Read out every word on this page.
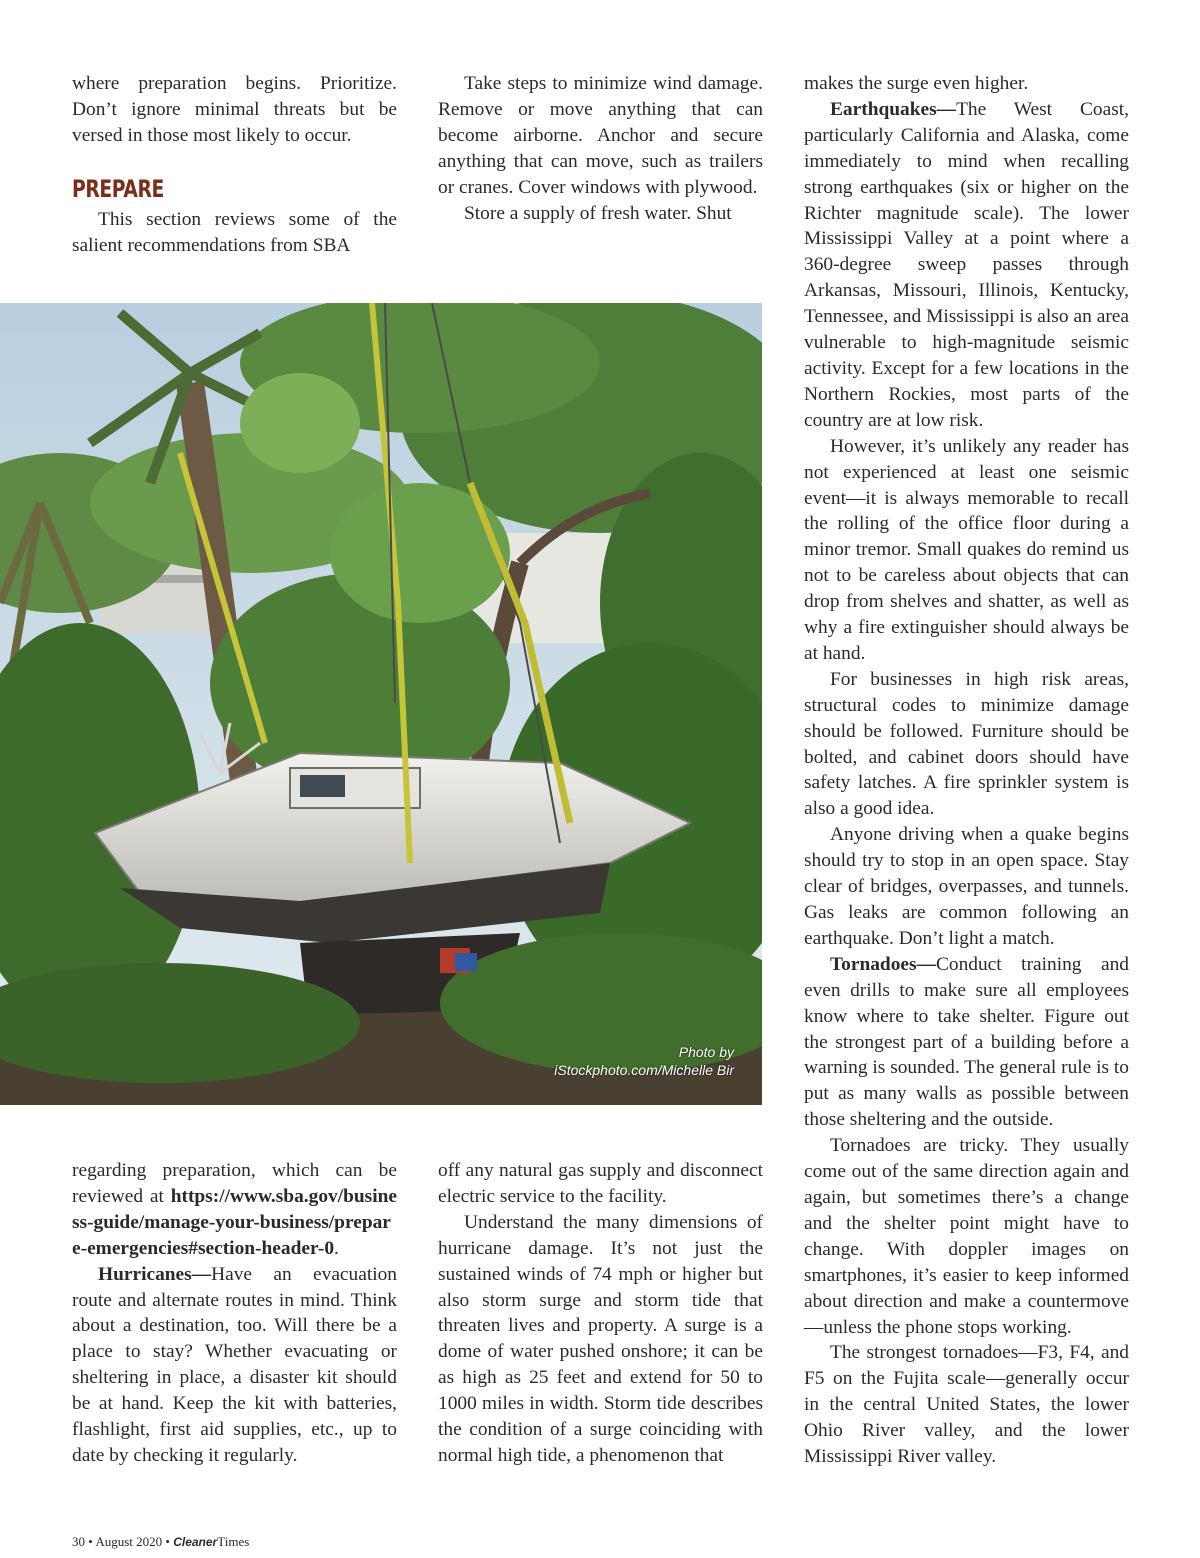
where preparation begins. Prioritize. Don’t ignore minimal threats but be versed in those most likely to occur.

PREPARE

This section reviews some of the salient recommendations from SBA

Take steps to minimize wind damage. Remove or move anything that can become airborne. Anchor and secure anything that can move, such as trailers or cranes. Cover windows with plywood.

Store a supply of fresh water. Shut

Photo by
iStockphoto.com/Michelle Bir

regarding preparation, which can be reviewed at https://www.sba.gov/business-guide/manage-your-business/prepare-emergencies#section-header-0.

Hurricanes—Have an evacuation route and alternate routes in mind. Think about a destination, too. Will there be a place to stay? Whether evacuating or sheltering in place, a disaster kit should be at hand. Keep the kit with batteries, flashlight, first aid supplies, etc., up to date by checking it regularly.

off any natural gas supply and disconnect electric service to the facility.

Understand the many dimensions of hurricane damage. It’s not just the sustained winds of 74 mph or higher but also storm surge and storm tide that threaten lives and property. A surge is a dome of water pushed onshore; it can be as high as 25 feet and extend for 50 to 1000 miles in width. Storm tide describes the condition of a surge coinciding with normal high tide, a phenomenon that

makes the surge even higher.

Earthquakes—The West Coast, particularly California and Alaska, come immediately to mind when recalling strong earthquakes (six or higher on the Richter magnitude scale). The lower Mississippi Valley at a point where a 360-degree sweep passes through Arkansas, Missouri, Illinois, Kentucky, Tennessee, and Mississippi is also an area vulnerable to high-magnitude seismic activity. Except for a few locations in the Northern Rockies, most parts of the country are at low risk.

However, it’s unlikely any reader has not experienced at least one seismic event—it is always memorable to recall the rolling of the office floor during a minor tremor. Small quakes do remind us not to be careless about objects that can drop from shelves and shatter, as well as why a fire extinguisher should always be at hand.

For businesses in high risk areas, structural codes to minimize damage should be followed. Furniture should be bolted, and cabinet doors should have safety latches. A fire sprinkler system is also a good idea.

Anyone driving when a quake begins should try to stop in an open space. Stay clear of bridges, overpasses, and tunnels. Gas leaks are common following an earthquake. Don’t light a match.

Tornadoes—Conduct training and even drills to make sure all employees know where to take shelter. Figure out the strongest part of a building before a warning is sounded. The general rule is to put as many walls as possible between those sheltering and the outside.

Tornadoes are tricky. They usually come out of the same direction again and again, but sometimes there’s a change and the shelter point might have to change. With doppler images on smartphones, it’s easier to keep informed about direction and make a countermove—unless the phone stops working.

The strongest tornadoes—F3, F4, and F5 on the Fujita scale—generally occur in the central United States, the lower Ohio River valley, and the lower Mississippi River valley.

30 • August 2020 • CleanerTimes
